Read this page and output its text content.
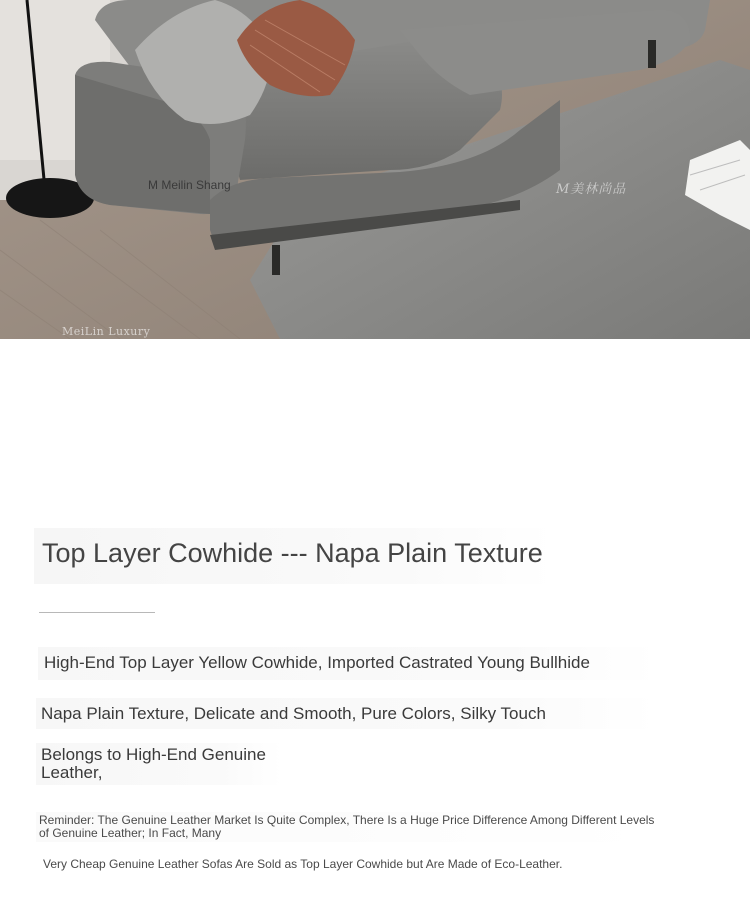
M Meilin Shang	M美林尚品
MeiLin Luxury
Top Layer Cowhide --- Napa Plain Texture
High-End Top Layer Yellow Cowhide, Imported Castrated Young Bullhide
Napa Plain Texture, Delicate and Smooth, Pure Colors, Silky Touch
Belongs to High-End Genuine Leather,
Reminder: The Genuine Leather Market Is Quite Complex, There Is a Huge Price Difference Among Different Levels of Genuine Leather; In Fact, Many
Very Cheap Genuine Leather Sofas Are Sold as Top Layer Cowhide but Are Made of Eco-Leather.
